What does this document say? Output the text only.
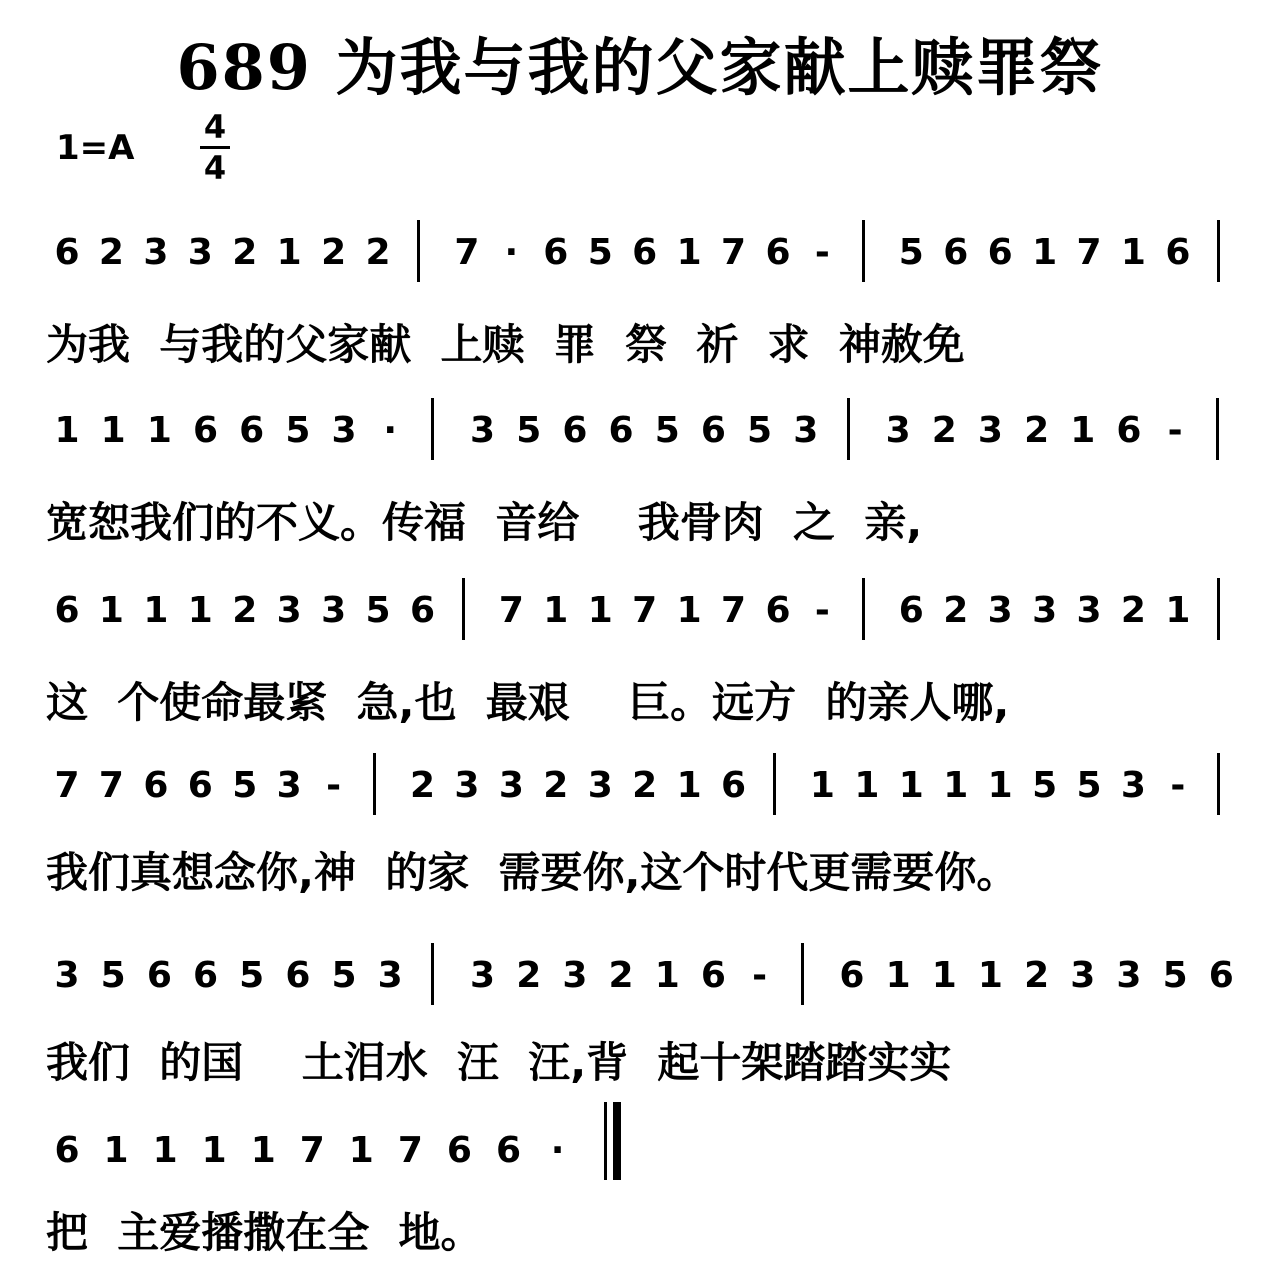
689 为我与我的父家献上赎罪祭
1=A
4
4
6 2 3 3 2 1 2 2 7 · 6 5 6 1 7 6 - 5 6 6 1 7 1 6
为我  与我的父家献  上赎  罪  祭  祈  求  神赦免
1 1 1 6 6 5 3 · 3 5 6 6 5 6 5 3 3 2 3 2 1 6 -
宽恕我们的不义。传福  音给    我骨肉  之  亲,
6 1 1 1 2 3 3 5 6 7 1 1 7 1 7 6 - 6 2 3 3 3 2 1
这  个使命最紧  急,也  最艰    巨。远方  的亲人哪,
7 7 6 6 5 3 - 2 3 3 2 3 2 1 6 1 1 1 1 1 5 5 3 -
我们真想念你,神  的家  需要你,这个时代更需要你。
3 5 6 6 5 6 5 3 3 2 3 2 1 6 - 6 1 1 1 2 3 3 5 6
我们  的国    土泪水  汪  汪,背  起十架踏踏实实
6 1 1 1 1 7 1 7 6 6 ·
把  主爱播撒在全  地。
